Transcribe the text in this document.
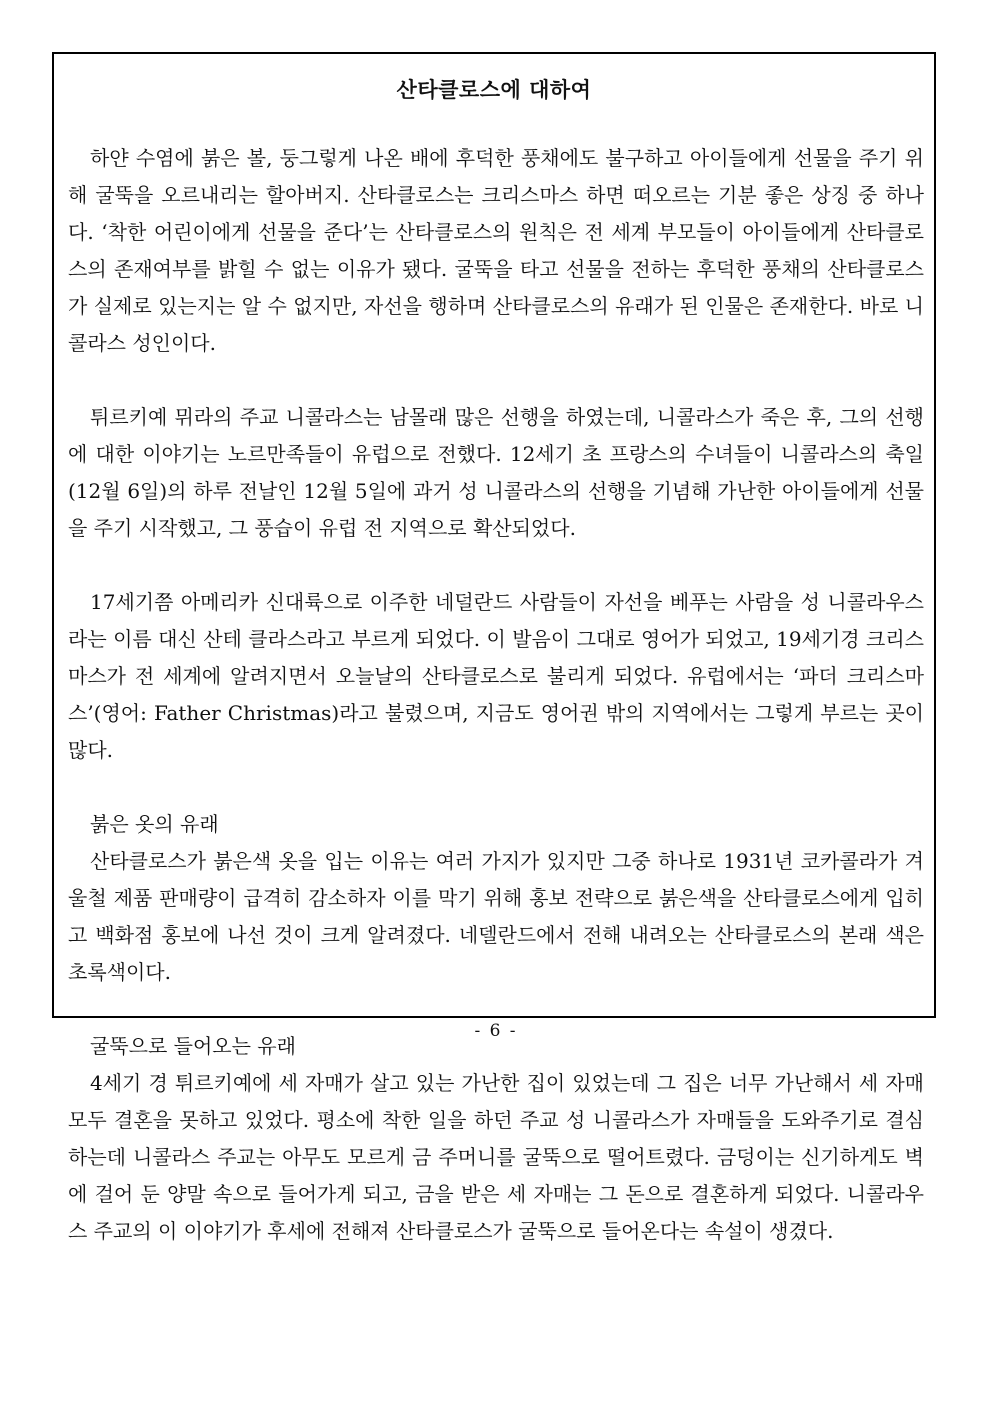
산타클로스에 대하여

하얀 수염에 붉은 볼, 둥그렇게 나온 배에 후덕한 풍채에도 불구하고 아이들에게 선물을 주기 위해 굴뚝을 오르내리는 할아버지. 산타클로스는 크리스마스 하면 떠오르는 기분 좋은 상징 중 하나다. ‘착한 어린이에게 선물을 준다’는 산타클로스의 원칙은 전 세계 부모들이 아이들에게 산타클로스의 존재여부를 밝힐 수 없는 이유가 됐다. 굴뚝을 타고 선물을 전하는 후덕한 풍채의 산타클로스가 실제로 있는지는 알 수 없지만, 자선을 행하며 산타클로스의 유래가 된 인물은 존재한다. 바로 니콜라스 성인이다.

튀르키예 뮈라의 주교 니콜라스는 남몰래 많은 선행을 하였는데, 니콜라스가 죽은 후, 그의 선행에 대한 이야기는 노르만족들이 유럽으로 전했다. 12세기 초 프랑스의 수녀들이 니콜라스의 축일(12월 6일)의 하루 전날인 12월 5일에 과거 성 니콜라스의 선행을 기념해 가난한 아이들에게 선물을 주기 시작했고, 그 풍습이 유럽 전 지역으로 확산되었다.

17세기쯤 아메리카 신대륙으로 이주한 네덜란드 사람들이 자선을 베푸는 사람을 성 니콜라우스라는 이름 대신 산테 클라스라고 부르게 되었다. 이 발음이 그대로 영어가 되었고, 19세기경 크리스마스가 전 세계에 알려지면서 오늘날의 산타클로스로 불리게 되었다. 유럽에서는 ‘파더 크리스마스’(영어: Father Christmas)라고 불렸으며, 지금도 영어권 밖의 지역에서는 그렇게 부르는 곳이 많다.

붉은 옷의 유래

산타클로스가 붉은색 옷을 입는 이유는 여러 가지가 있지만 그중 하나로 1931년 코카콜라가 겨울철 제품 판매량이 급격히 감소하자 이를 막기 위해 홍보 전략으로 붉은색을 산타클로스에게 입히고 백화점 홍보에 나선 것이 크게 알려졌다. 네델란드에서 전해 내려오는 산타클로스의 본래 색은 초록색이다.

굴뚝으로 들어오는 유래

4세기 경 튀르키예에 세 자매가 살고 있는 가난한 집이 있었는데 그 집은 너무 가난해서 세 자매 모두 결혼을 못하고 있었다. 평소에 착한 일을 하던 주교 성 니콜라스가 자매들을 도와주기로 결심하는데 니콜라스 주교는 아무도 모르게 금 주머니를 굴뚝으로 떨어트렸다. 금덩이는 신기하게도 벽에 걸어 둔 양말 속으로 들어가게 되고, 금을 받은 세 자매는 그 돈으로 결혼하게 되었다. 니콜라우스 주교의 이 이야기가 후세에 전해져 산타클로스가 굴뚝으로 들어온다는 속설이 생겼다.

- 6 -
